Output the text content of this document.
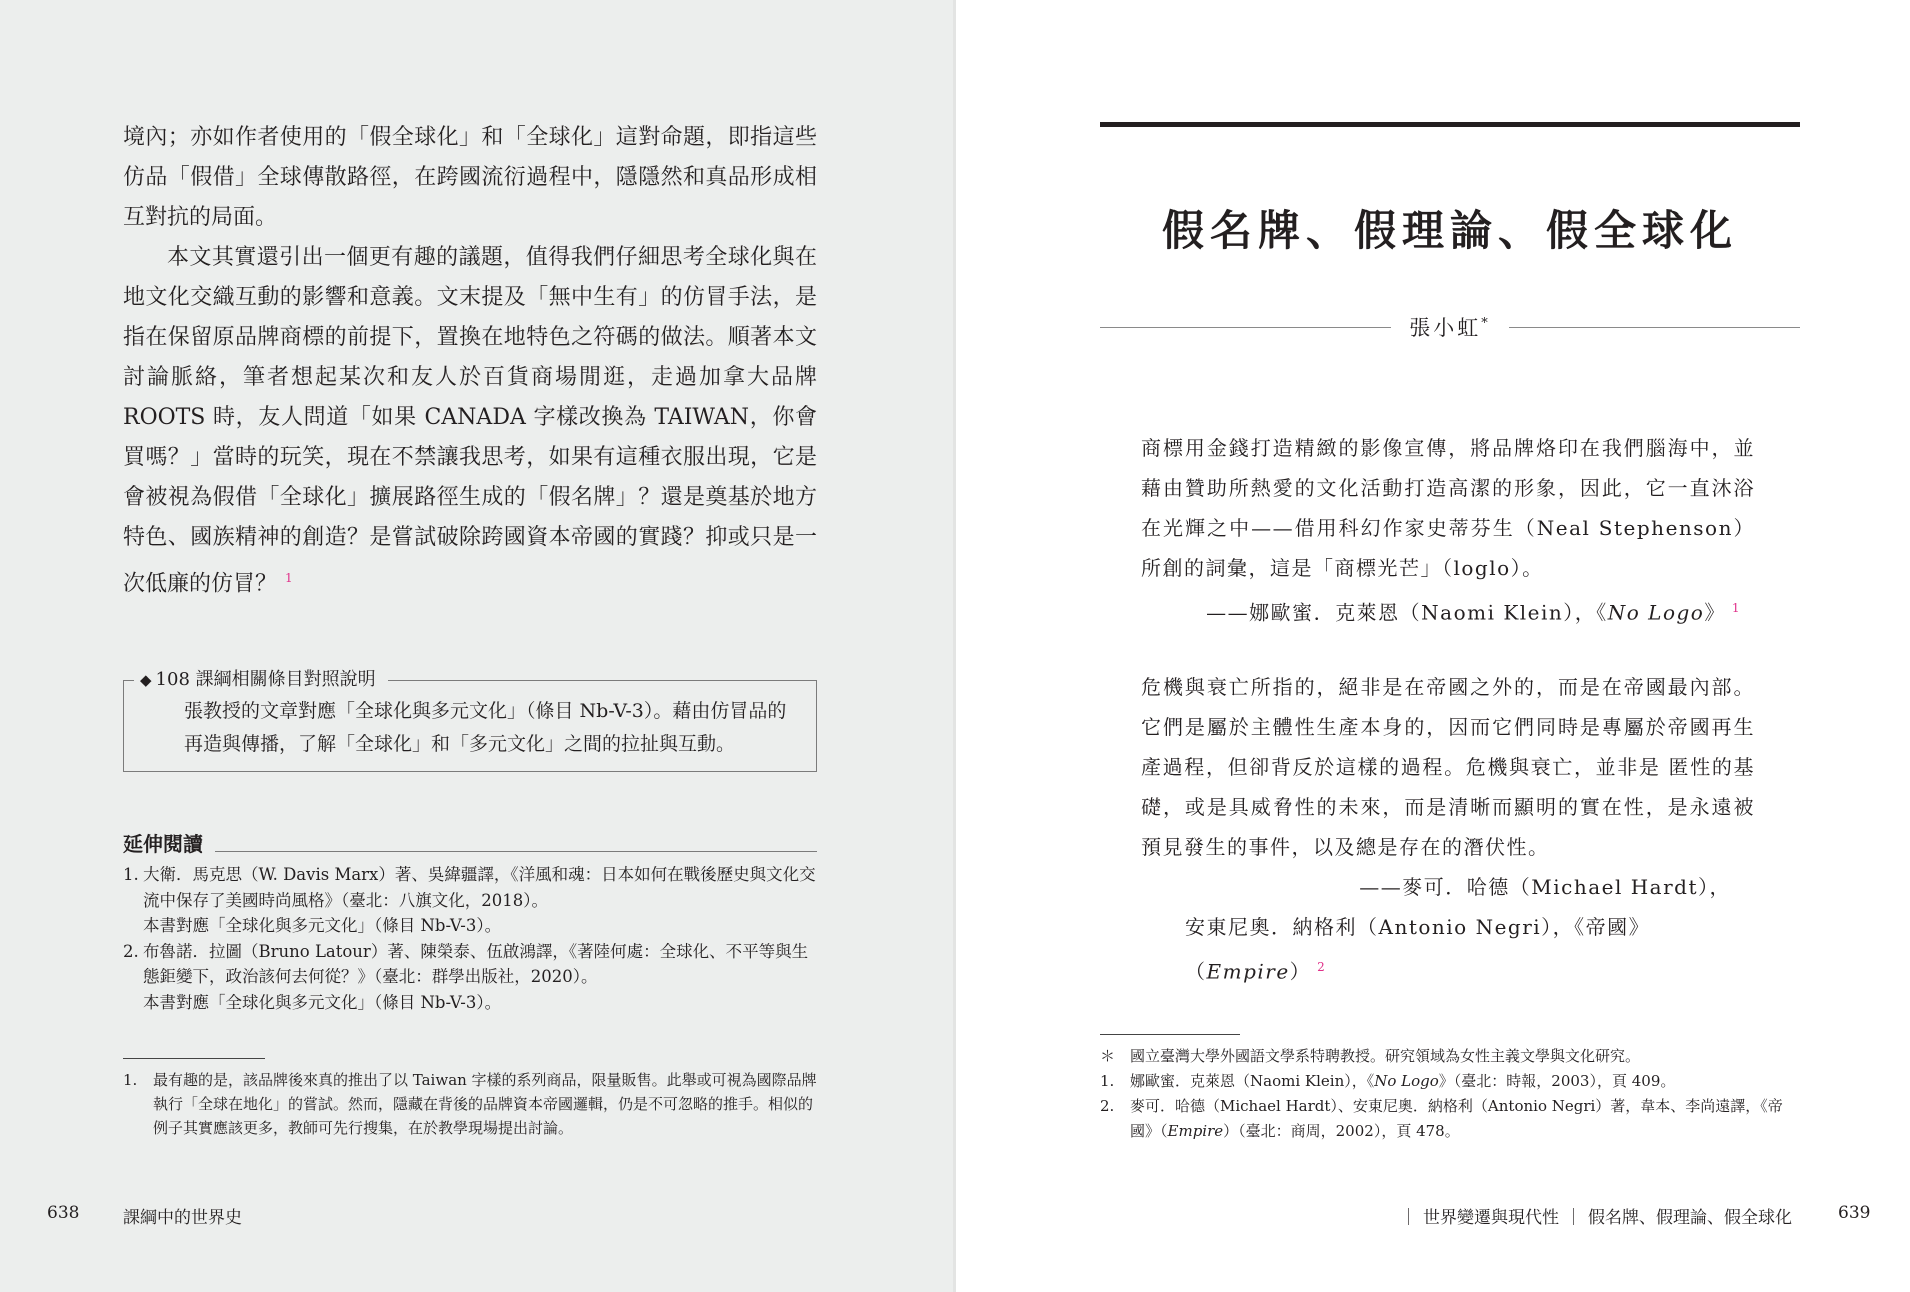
境內；亦如作者使用的「假全球化」和「全球化」這對命題，即指這些仿品「假借」全球傳散路徑，在跨國流衍過程中，隱隱然和真品形成相互對抗的局面。

本文其實還引出一個更有趣的議題，值得我們仔細思考全球化與在地文化交織互動的影響和意義。文末提及「無中生有」的仿冒手法，是指在保留原品牌商標的前提下，置換在地特色之符碼的做法。順著本文討論脈絡，筆者想起某次和友人於百貨商場閒逛，走過加拿大品牌 ROOTS 時，友人問道「如果 CANADA 字樣改換為 TAIWAN，你會買嗎？」當時的玩笑，現在不禁讓我思考，如果有這種衣服出現，它是會被視為假借「全球化」擴展路徑生成的「假名牌」？還是奠基於地方特色、國族精神的創造？是嘗試破除跨國資本帝國的實踐？抑或只是一次低廉的仿冒？ $^1$

◆ 108 課綱相關條目對照說明
張教授的文章對應「全球化與多元文化」（條目 Nb-V-3）。藉由仿冒品的再造與傳播，了解「全球化」和「多元文化」之間的拉扯與互動。
延伸閱讀
1. 大衛．馬克思（W. Davis Marx）著、吳緯疆譯，《洋風和魂：日本如何在戰後歷史與文化交流中保存了美國時尚風格》（臺北：八旗文化，2018）。
本書對應「全球化與多元文化」（條目 Nb-V-3）。
2. 布魯諾．拉圖（Bruno Latour）著、陳榮泰、伍啟鴻譯，《著陸何處：全球化、不平等與生態鉅變下，政治該何去何從？》（臺北：群學出版社，2020）。
本書對應「全球化與多元文化」（條目 Nb-V-3）。
1.	最有趣的是，該品牌後來真的推出了以 Taiwan 字樣的系列商品，限量販售。此舉或可視為國際品牌執行「全球在地化」的嘗試。然而，隱藏在背後的品牌資本帝國邏輯，仍是不可忽略的推手。相似的例子其實應該更多，教師可先行搜集，在於教學現場提出討論。
638	課綱中的世界史
假名牌、假理論、假全球化
張小虹*
商標用金錢打造精緻的影像宣傳，將品牌烙印在我們腦海中，並藉由贊助所熱愛的文化活動打造高潔的形象，因此，它一直沐浴在光輝之中——借用科幻作家史蒂芬生（Neal Stephenson）所創的詞彙，這是「商標光芒」（loglo）。
——娜歐蜜．克萊恩（Naomi Klein），《No Logo》 $^1$
危機與衰亡所指的，絕非是在帝國之外的，而是在帝國最內部。它們是屬於主體性生產本身的，因而它們同時是專屬於帝國再生產過程，但卻背反於這樣的過程。危機與衰亡，並非是 匿性的基礎，或是具威脅性的未來，而是清晰而顯明的實在性，是永遠被預見發生的事件，以及總是存在的潛伏性。
——麥可．哈德（Michael Hardt），
安東尼奧．納格利（Antonio Negri），《帝國》（Empire） $^2$
＊ 國立臺灣大學外國語文學系特聘教授。研究領域為女性主義文學與文化研究。
1. 娜歐蜜．克萊恩（Naomi Klein），《No Logo》（臺北：時報，2003），頁 409。
2. 麥可．哈德（Michael Hardt）、安東尼奧．納格利（Antonio Negri）著，韋本、李尚遠譯，《帝國》（Empire）（臺北：商周，2002），頁 478。
｜ 世界變遷與現代性 ｜ 假名牌、假理論、假全球化	639
